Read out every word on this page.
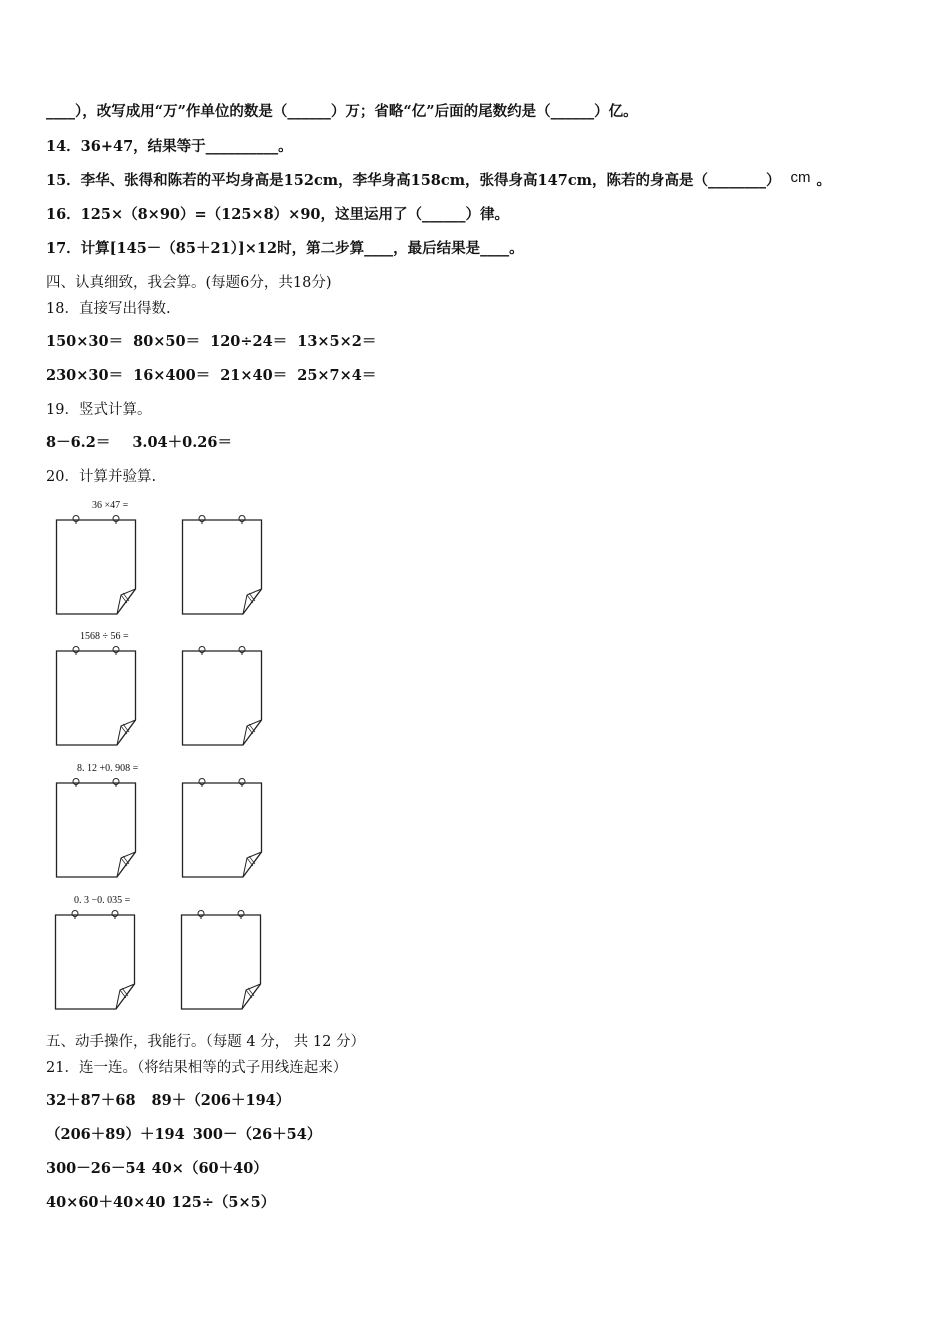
____），改写成用“万”作单位的数是（______）万；省略“亿”后面的尾数约是（______）亿。
14．36+47，结果等于__________。
15．李华、张得和陈若的平均身高是152cm，李华身高158cm，张得身高147cm，陈若的身高是（________） cm 。
16．125×（8×90）=（125×8）×90，这里运用了（______）律。
17．计算[145－（85＋21）]×12时，第二步算____，最后结果是____。
四、认真细致，我会算。(每题6分，共18分)
18．直接写出得数.
150×30＝ 80×50＝ 120÷24＝ 13×5×2＝
230×30＝ 16×400＝ 21×40＝ 25×7×4＝
19．竖式计算。
8－6.2＝ 3.04＋0.26＝
20．计算并验算.
36 ×47 =
1568 ÷ 56 =
8. 12 +0. 908 =
0. 3 −0. 035 =
五、动手操作，我能行。（每题 4 分， 共 12 分）
21．连一连。（将结果相等的式子用线连起来）
32＋87＋68 89＋（206＋194）
（206＋89）＋194 300－（26＋54）
300－26－54 40×（60＋40）
40×60＋40×40 125÷（5×5）
